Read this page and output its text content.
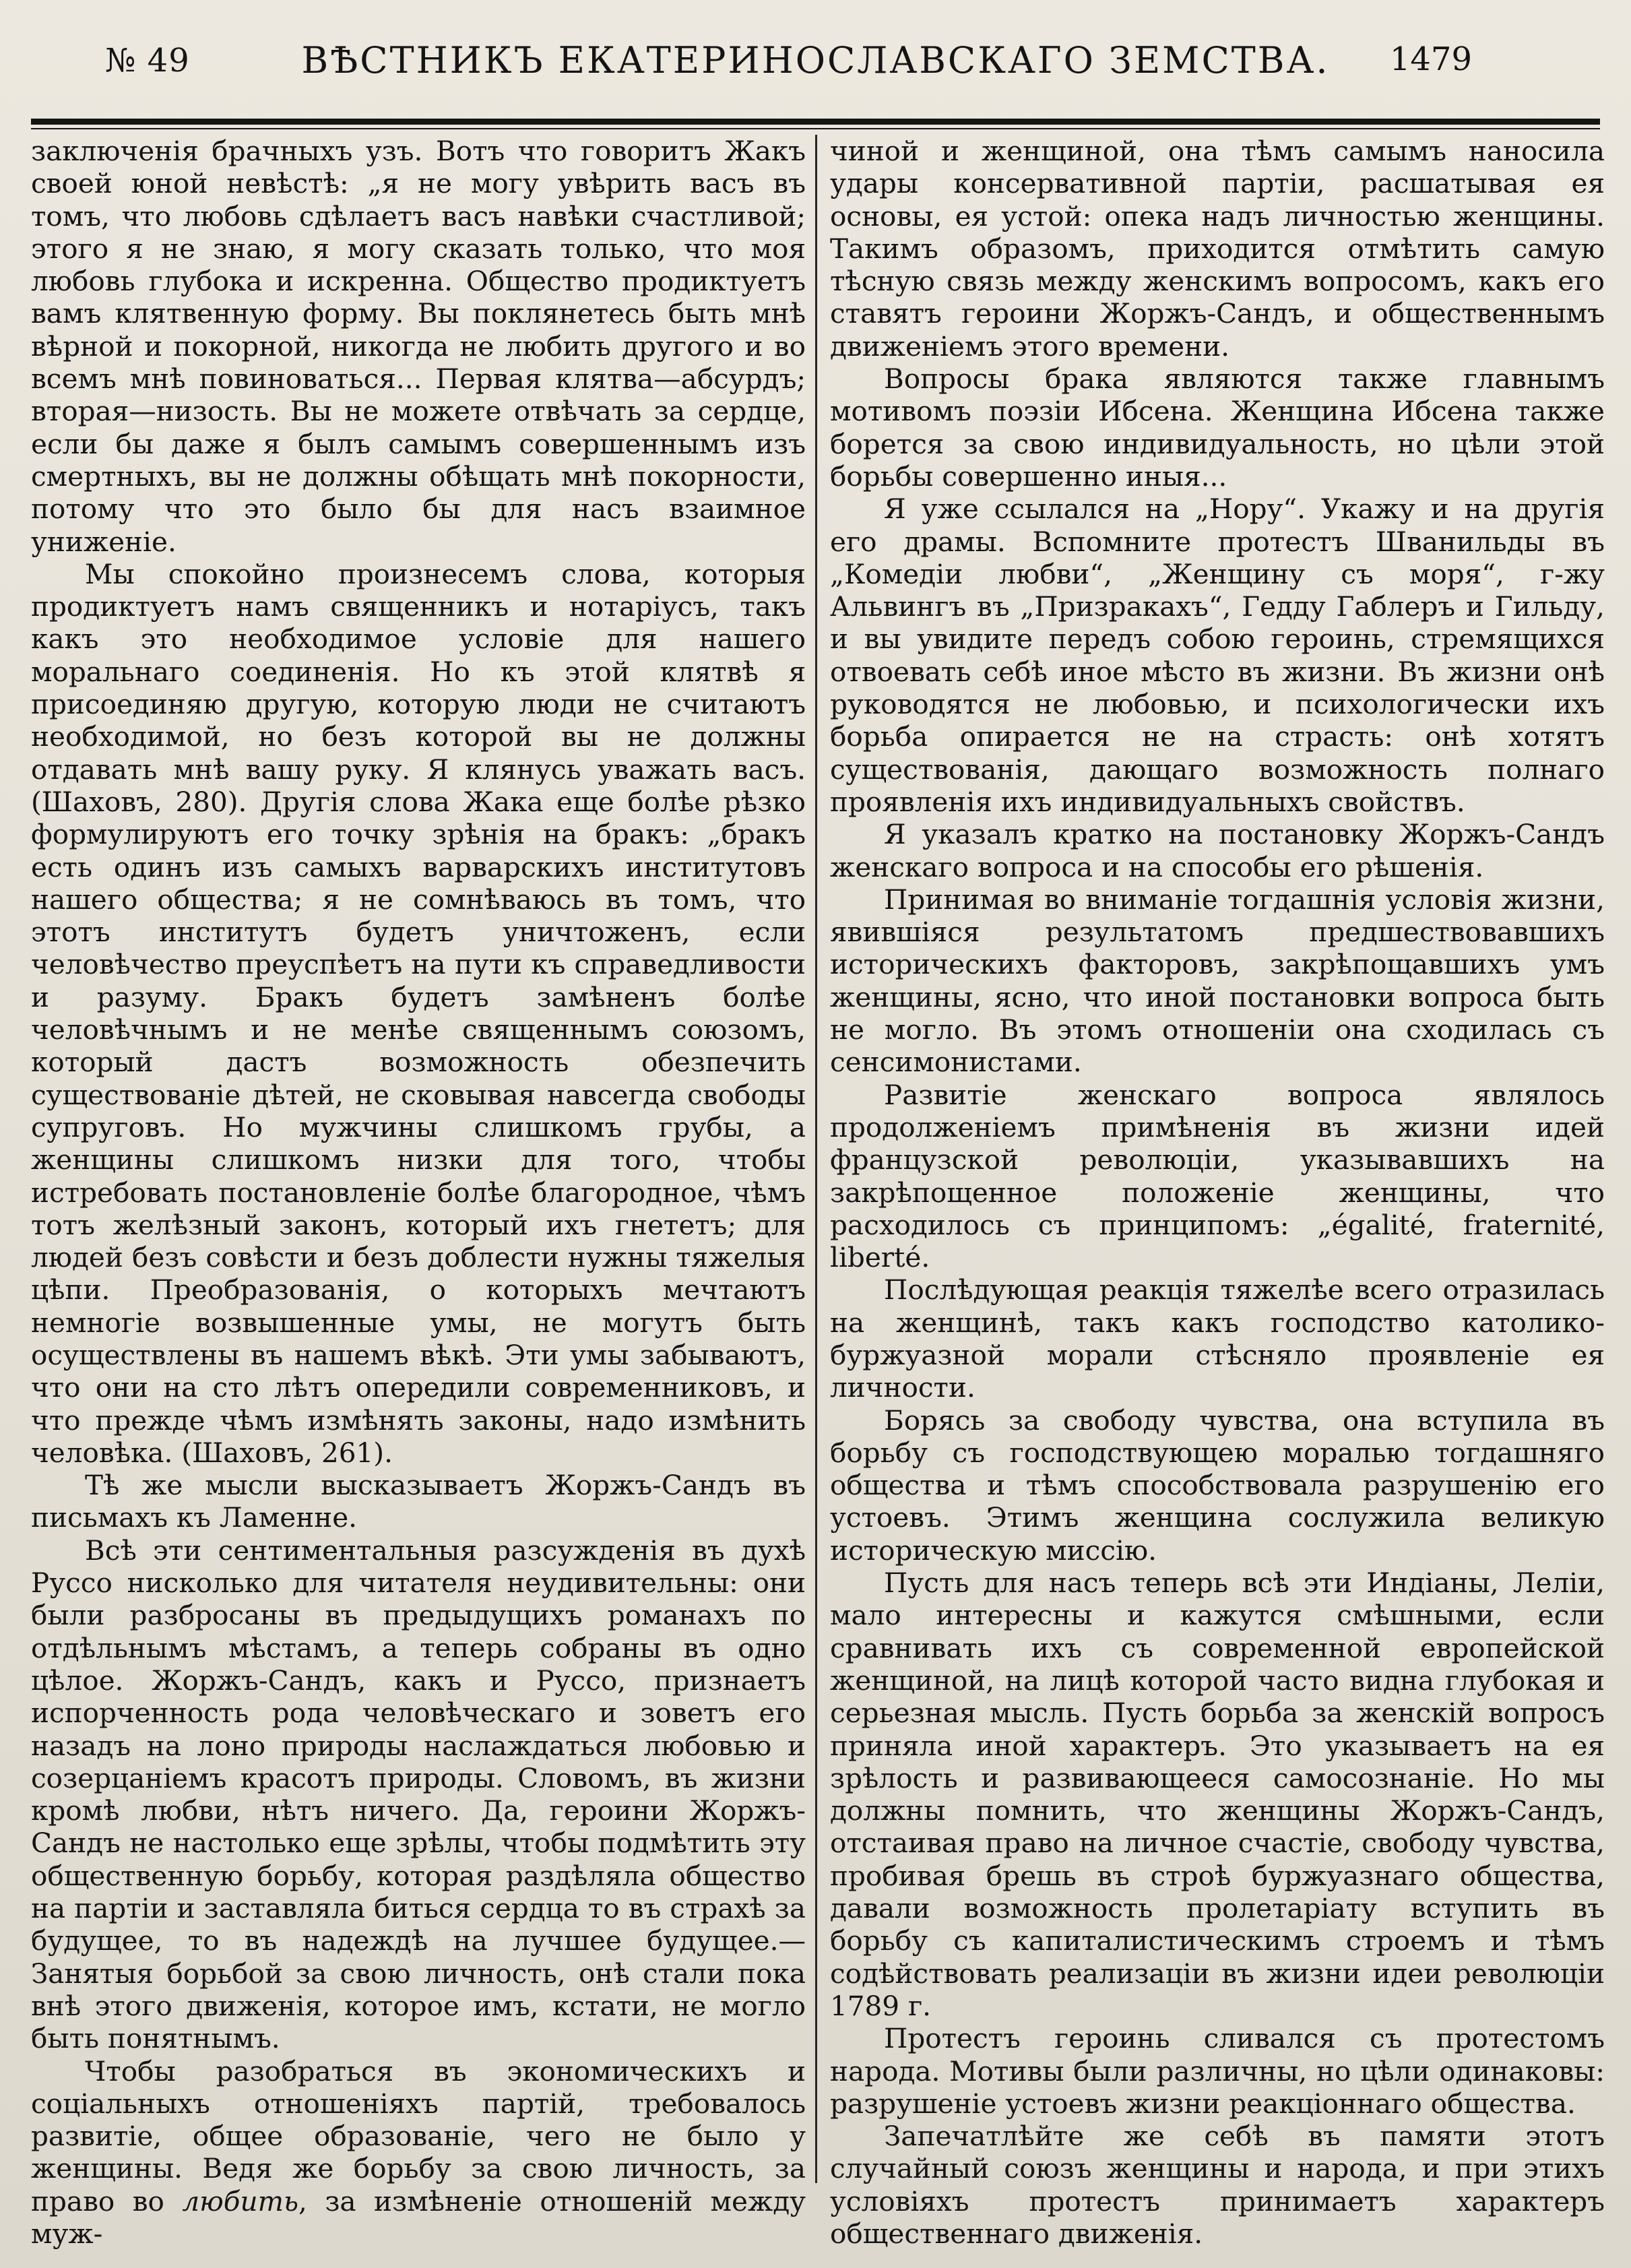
№ 49	ВѢСТНИКЪ ЕКАТЕРИНОСЛАВСКАГО ЗЕМСТВА.	1479

заключенія брачныхъ узъ. Вотъ что говоритъ Жакъ своей юной невѣстѣ: „я не могу увѣрить васъ въ томъ, что любовь сдѣлаетъ васъ навѣки счастливой; этого я не знаю, я могу сказать только, что моя любовь глубока и искренна. Общество продиктуетъ вамъ клятвенную форму. Вы поклянетесь быть мнѣ вѣрной и покорной, никогда не любить другого и во всемъ мнѣ повиноваться... Первая клятва—абсурдъ; вторая—низость. Вы не можете отвѣчать за сердце, если бы даже я былъ самымъ совершеннымъ изъ смертныхъ, вы не должны обѣщать мнѣ покорности, потому что это было бы для насъ взаимное униженіе.

Мы спокойно произнесемъ слова, которыя продиктуетъ намъ священникъ и нотаріусъ, такъ какъ это необходимое условіе для нашего моральнаго соединенія. Но къ этой клятвѣ я присоединяю другую, которую люди не считаютъ необходимой, но безъ которой вы не должны отдавать мнѣ вашу руку. Я клянусь уважать васъ. (Шаховъ, 280). Другія слова Жака еще болѣе рѣзко формулируютъ его точку зрѣнія на бракъ: „бракъ есть одинъ изъ самыхъ варварскихъ институтовъ нашего общества; я не сомнѣваюсь въ томъ, что этотъ институтъ будетъ уничтоженъ, если человѣчество преуспѣетъ на пути къ справедливости и разуму. Бракъ будетъ замѣненъ болѣе человѣчнымъ и не менѣе священнымъ союзомъ, который дастъ возможность обезпечить существованіе дѣтей, не сковывая навсегда свободы супруговъ. Но мужчины слишкомъ грубы, а женщины слишкомъ низки для того, чтобы истребовать постановленіе болѣе благородное, чѣмъ тотъ желѣзный законъ, который ихъ гнететъ; для людей безъ совѣсти и безъ доблести нужны тяжелыя цѣпи. Преобразованія, о которыхъ мечтаютъ немногіе возвышенные умы, не могутъ быть осуществлены въ нашемъ вѣкѣ. Эти умы забываютъ, что они на сто лѣтъ опередили современниковъ, и что прежде чѣмъ измѣнять законы, надо измѣнить человѣка. (Шаховъ, 261).

Тѣ же мысли высказываетъ Жоржъ-Сандъ въ письмахъ къ Ламенне.

Всѣ эти сентиментальныя разсужденія въ духѣ Руссо нисколько для читателя неудивительны: они были разбросаны въ предыдущихъ романахъ по отдѣльнымъ мѣстамъ, а теперь собраны въ одно цѣлое. Жоржъ-Сандъ, какъ и Руссо, признаетъ испорченность рода человѣческаго и зоветъ его назадъ на лоно природы наслаждаться любовью и созерцаніемъ красотъ природы. Словомъ, въ жизни кромѣ любви, нѣтъ ничего. Да, героини Жоржъ-Сандъ не настолько еще зрѣлы, чтобы подмѣтить эту общественную борьбу, которая раздѣляла общество на партіи и заставляла биться сердца то въ страхѣ за будущее, то въ надеждѣ на лучшее будущее.—Занятыя борьбой за свою личность, онѣ стали пока внѣ этого движенія, которое имъ, кстати, не могло быть понятнымъ.

Чтобы разобраться въ экономическихъ и соціальныхъ отношеніяхъ партій, требовалось развитіе, общее образованіе, чего не было у женщины. Ведя же борьбу за свою личность, за право во любить, за измѣненіе отношеній между муж-

чиной и женщиной, она тѣмъ самымъ наносила удары консервативной партіи, расшатывая ея основы, ея устой: опека надъ личностью женщины. Такимъ образомъ, приходится отмѣтить самую тѣсную связь между женскимъ вопросомъ, какъ его ставятъ героини Жоржъ-Сандъ, и общественнымъ движеніемъ этого времени.

Вопросы брака являются также главнымъ мотивомъ поэзіи Ибсена. Женщина Ибсена также борется за свою индивидуальность, но цѣли этой борьбы совершенно иныя...

Я уже ссылался на „Нору“. Укажу и на другія его драмы. Вспомните протестъ Шванильды въ „Комедіи любви“, „Женщину съ моря“, г-жу Альвингъ въ „Призракахъ“, Гедду Габлеръ и Гильду, и вы увидите передъ собою героинь, стремящихся отвоевать себѣ иное мѣсто въ жизни. Въ жизни онѣ руководятся не любовью, и психологически ихъ борьба опирается не на страсть: онѣ хотятъ существованія, дающаго возможность полнаго проявленія ихъ индивидуальныхъ свойствъ.

Я указалъ кратко на постановку Жоржъ-Сандъ женскаго вопроса и на способы его рѣшенія.

Принимая во вниманіе тогдашнія условія жизни, явившіяся результатомъ предшествовавшихъ историческихъ факторовъ, закрѣпощавшихъ умъ женщины, ясно, что иной постановки вопроса быть не могло. Въ этомъ отношеніи она сходилась съ сенсимонистами.

Развитіе женскаго вопроса являлось продолженіемъ примѣненія въ жизни идей французской революціи, указывавшихъ на закрѣпощенное положеніе женщины, что расходилось съ принципомъ: „égalité, fraternité, liberté.

Послѣдующая реакція тяжелѣе всего отразилась на женщинѣ, такъ какъ господство католико-буржуазной морали стѣсняло проявленіе ея личности.

Борясь за свободу чувства, она вступила въ борьбу съ господствующею моралью тогдашняго общества и тѣмъ способствовала разрушенію его устоевъ. Этимъ женщина сослужила великую историческую миссію.

Пусть для насъ теперь всѣ эти Индіаны, Леліи, мало интересны и кажутся смѣшными, если сравнивать ихъ съ современной европейской женщиной, на лицѣ которой часто видна глубокая и серьезная мысль. Пусть борьба за женскій вопросъ приняла иной характеръ. Это указываетъ на ея зрѣлость и развивающееся самосознаніе. Но мы должны помнить, что женщины Жоржъ-Сандъ, отстаивая право на личное счастіе, свободу чувства, пробивая брешь въ строѣ буржуазнаго общества, давали возможность пролетаріату вступить въ борьбу съ капиталистическимъ строемъ и тѣмъ содѣйствовать реализаціи въ жизни идеи революціи 1789 г.

Протестъ героинь сливался съ протестомъ народа. Мотивы были различны, но цѣли одинаковы: разрушеніе устоевъ жизни реакціоннаго общества.

Запечатлѣйте же себѣ въ памяти этотъ случайный союзъ женщины и народа, и при этихъ условіяхъ протестъ принимаетъ характеръ общественнаго движенія.
